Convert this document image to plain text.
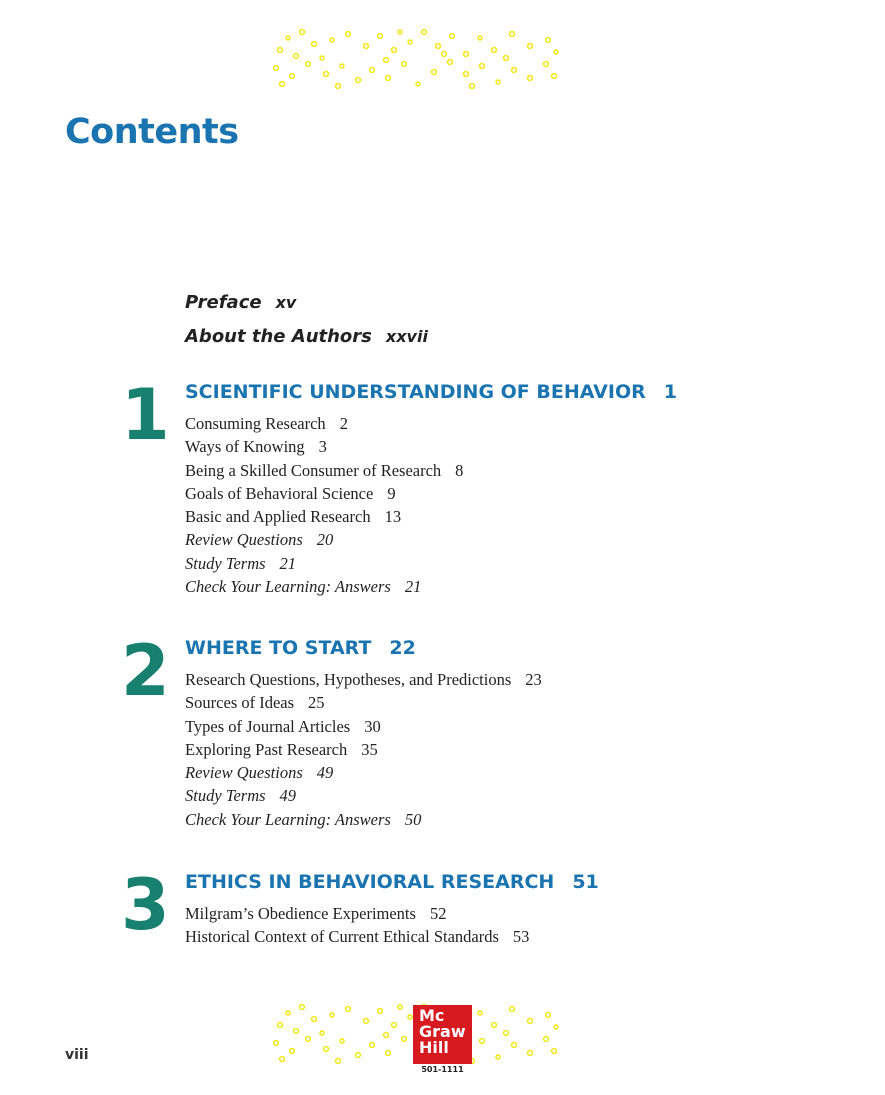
Contents
Preface xv
About the Authors xxvii
1 SCIENTIFIC UNDERSTANDING OF BEHAVIOR 1
Consuming Research 2
Ways of Knowing 3
Being a Skilled Consumer of Research 8
Goals of Behavioral Science 9
Basic and Applied Research 13
Review Questions 20
Study Terms 21
Check Your Learning: Answers 21
2 WHERE TO START 22
Research Questions, Hypotheses, and Predictions 23
Sources of Ideas 25
Types of Journal Articles 30
Exploring Past Research 35
Review Questions 49
Study Terms 49
Check Your Learning: Answers 50
3 ETHICS IN BEHAVIORAL RESEARCH 51
Milgram’s Obedience Experiments 52
Historical Context of Current Ethical Standards 53
Mc
Graw
Hill
501-1111
viii
